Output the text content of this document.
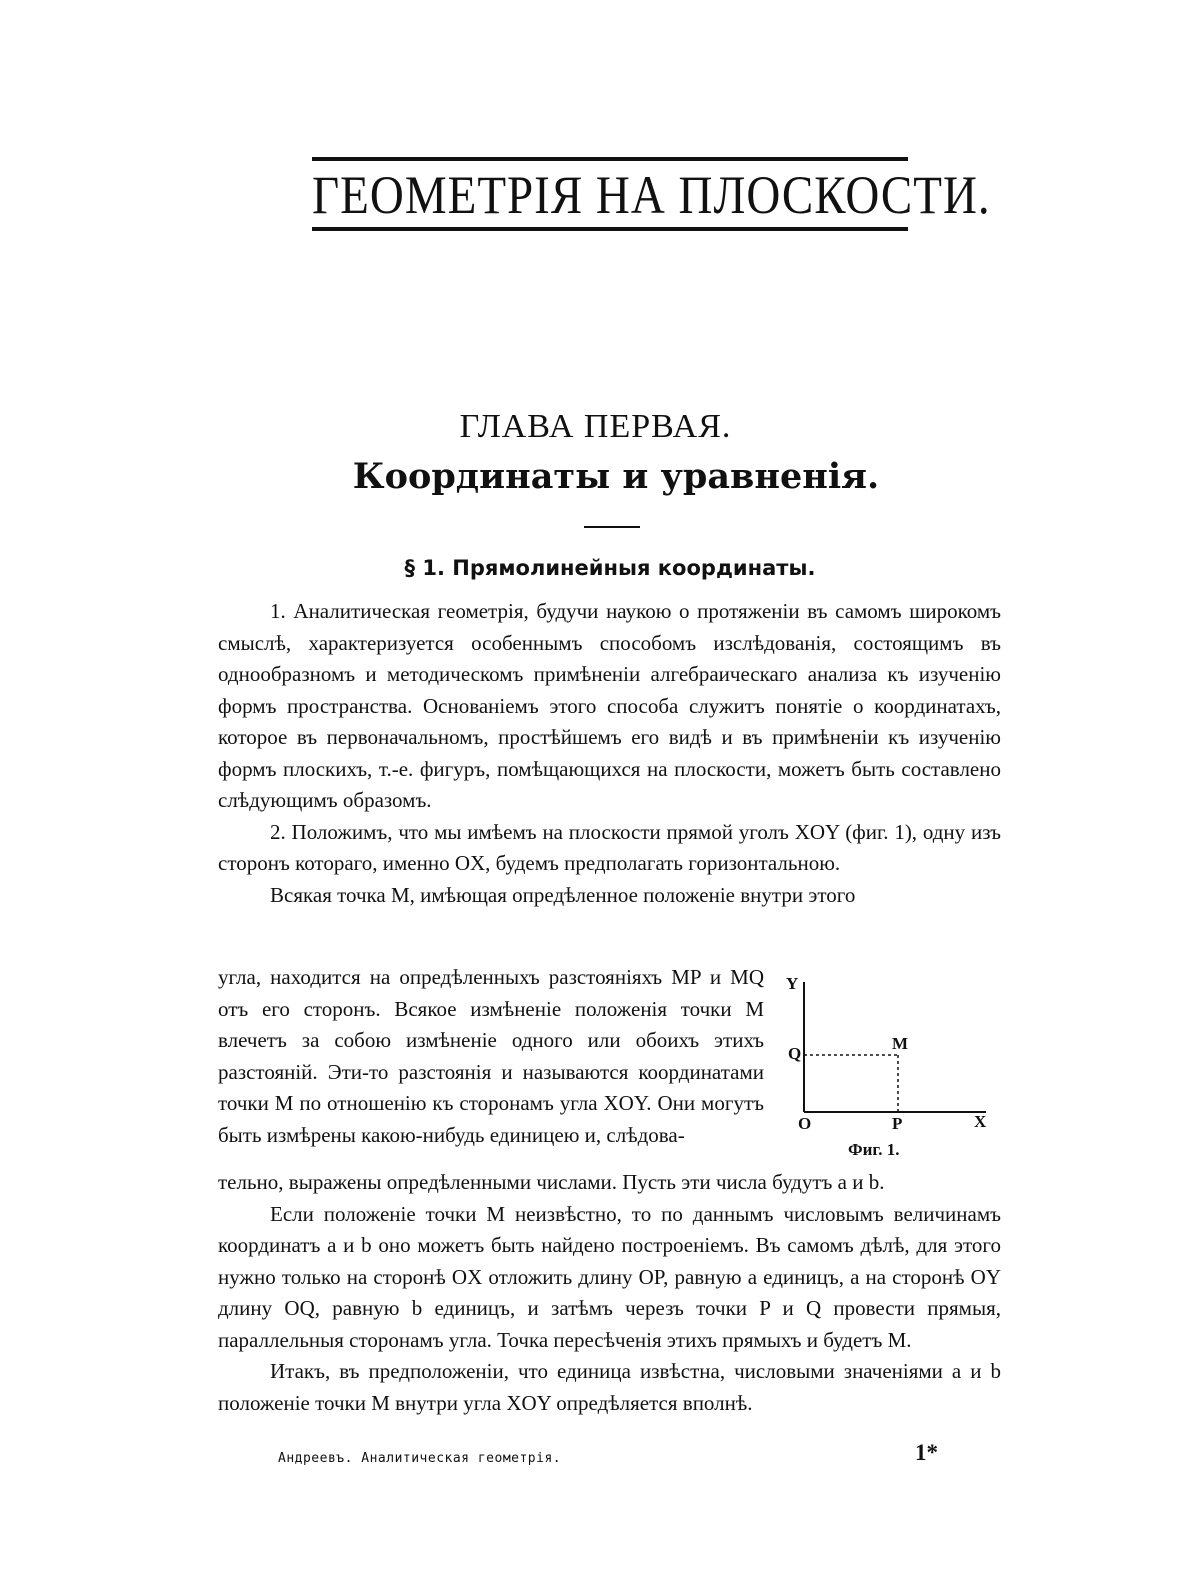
ГЕОМЕТРІЯ НА ПЛОСКОСТИ.
ГЛАВА ПЕРВАЯ.
Координаты и уравненія.
§ 1. Прямолинейныя координаты.

1. Аналитическая геометрія, будучи наукою о протяженіи въ самомъ широкомъ смыслѣ, характеризуется особеннымъ способомъ изслѣдованія, состоящимъ въ однообразномъ и методическомъ примѣненіи алгебраическаго анализа къ изученію формъ пространства. Основаніемъ этого способа служитъ понятіе о координатахъ, которое въ первоначальномъ, простѣйшемъ его видѣ и въ примѣненіи къ изученію формъ плоскихъ, т.-е. фигуръ, помѣщающихся на плоскости, можетъ быть составлено слѣдующимъ образомъ.

2. Положимъ, что мы имѣемъ на плоскости прямой уголъ XOY (фиг. 1), одну изъ сторонъ котораго, именно OX, будемъ предполагать горизонтальною.

Всякая точка M, имѣющая опредѣленное положеніе внутри этого

угла, находится на опредѣленныхъ разстояніяхъ MP и MQ отъ его сторонъ. Всякое измѣненіе положенія точки M влечетъ за собою измѣненіе одного или обоихъ этихъ разстояній. Эти-то разстоянія и называются координатами точки M по отношенію къ сторонамъ угла XOY. Они могутъ быть измѣрены какою-нибудь единицею и, слѣдова-

Y
Q
M
O	P	X
Фиг. 1.

тельно, выражены опредѣленными числами. Пусть эти числа будутъ a и b.

Если положеніе точки M неизвѣстно, то по даннымъ числовымъ величинамъ координатъ a и b оно можетъ быть найдено построеніемъ. Въ самомъ дѣлѣ, для этого нужно только на сторонѣ OX отложить длину OP, равную a единицъ, а на сторонѣ OY длину OQ, равную b единицъ, и затѣмъ черезъ точки P и Q провести прямыя, параллельныя сторонамъ угла. Точка пересѣченія этихъ прямыхъ и будетъ M.

Итакъ, въ предположеніи, что единица извѣстна, числовыми значеніями a и b положеніе точки M внутри угла XOY опредѣляется вполнѣ.

Андреевъ. Аналитическая геометрія.	1*
